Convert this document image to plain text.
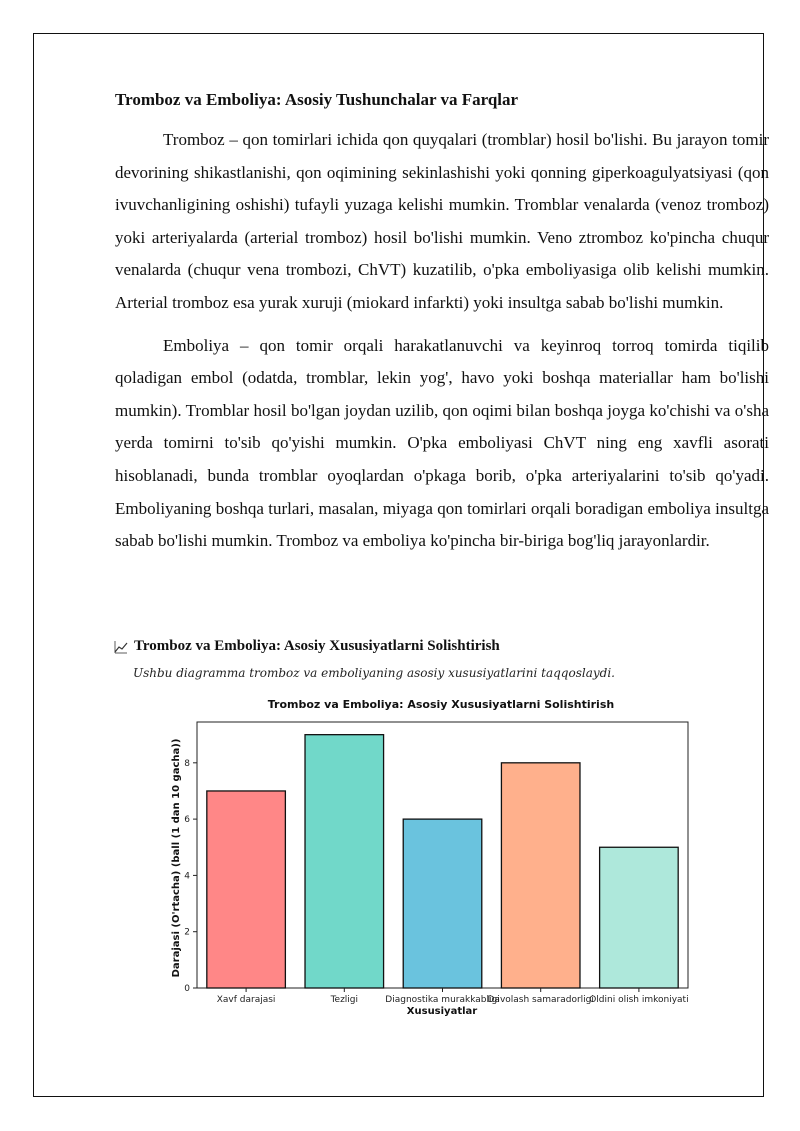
Tromboz va Emboliya: Asosiy Tushunchalar va Farqlar

Tromboz – qon tomirlari ichida qon quyqalari (tromblar) hosil bo'lishi. Bu jarayon tomir devorining shikastlanishi, qon oqimining sekinlashishi yoki qonning giperkoagulyatsiyasi (qon ivuvchanligining oshishi) tufayli yuzaga kelishi mumkin. Tromblar venalarda (venoz tromboz) yoki arteriyalarda (arterial tromboz) hosil bo'lishi mumkin. Veno ztromboz ko'pincha chuqur venalarda (chuqur vena trombozi, ChVT) kuzatilib, o'pka emboliyasiga olib kelishi mumkin. Arterial tromboz esa yurak xuruji (miokard infarkti) yoki insultga sabab bo'lishi mumkin.

Emboliya – qon tomir orqali harakatlanuvchi va keyinroq torroq tomirda tiqilib qoladigan embol (odatda, tromblar, lekin yog', havo yoki boshqa materiallar ham bo'lishi mumkin). Tromblar hosil bo'lgan joydan uzilib, qon oqimi bilan boshqa joyga ko'chishi va o'sha yerda tomirni to'sib qo'yishi mumkin. O'pka emboliyasi ChVT ning eng xavfli asorati hisoblanadi, bunda tromblar oyoqlardan o'pkaga borib, o'pka arteriyalarini to'sib qo'yadi. Emboliyaning boshqa turlari, masalan, miyaga qon tomirlari orqali boradigan emboliya insultga sabab bo'lishi mumkin. Tromboz va emboliya ko'pincha bir-biriga bog'liq jarayonlardir.

Tromboz va Emboliya: Asosiy Xususiyatlarni Solishtirish
Ushbu diagramma tromboz va emboliyaning asosiy xususiyatlarini taqqoslaydi.
Tromboz va Emboliya: Asosiy Xususiyatlarni Solishtirish
Darajasi (O'rtacha) (ball (1 dan 10 gacha))
Xususiyatlar
0
2
4
6
8
Xavf darajasi	Tezligi	Diagnostika murakkabligi
Davolash samaradorligi
Oldini olish imkoniyati
